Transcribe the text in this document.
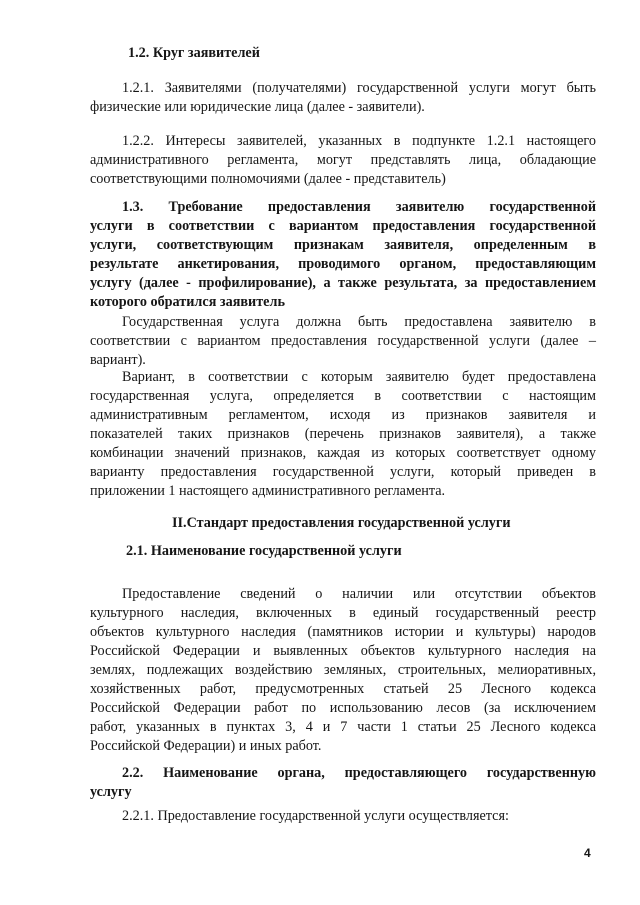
1.2. Круг заявителей

1.2.1. Заявителями (получателями) государственной услуги могут быть
физические или юридические лица (далее - заявители).
1.2.2. Интересы заявителей, указанных в подпункте 1.2.1 настоящего
административного регламента, могут представлять лица, обладающие
соответствующими полномочиями (далее - представитель)
1.3. Требование предоставления заявителю государственной
услуги в соответствии с вариантом предоставления государственной
услуги, соответствующим признакам заявителя, определенным в
результате анкетирования, проводимого органом, предоставляющим
услугу (далее - профилирование), а также результата, за предоставлением
которого обратился заявитель
Государственная услуга должна быть предоставлена заявителю в
соответствии с вариантом предоставления государственной услуги (далее –
вариант).
Вариант, в соответствии с которым заявителю будет предоставлена
государственная услуга, определяется в соответствии с настоящим
административным регламентом, исходя из признаков заявителя и
показателей таких признаков (перечень признаков заявителя), а также
комбинации значений признаков, каждая из которых соответствует одному
варианту предоставления государственной услуги, который приведен в
приложении 1 настоящего административного регламента.

II.Стандарт предоставления государственной услуги

2.1. Наименование государственной услуги

Предоставление сведений о наличии или отсутствии объектов
культурного наследия, включенных в единый государственный реестр
объектов культурного наследия (памятников истории и культуры) народов
Российской Федерации и выявленных объектов культурного наследия на
землях, подлежащих воздействию земляных, строительных, мелиоративных,
хозяйственных работ, предусмотренных статьей 25 Лесного кодекса
Российской Федерации работ по использованию лесов (за исключением
работ, указанных в пунктах 3, 4 и 7 части 1 статьи 25 Лесного кодекса
Российской Федерации) и иных работ.
2.2. Наименование органа, предоставляющего государственную
услугу
2.2.1. Предоставление государственной услуги осуществляется:
4
